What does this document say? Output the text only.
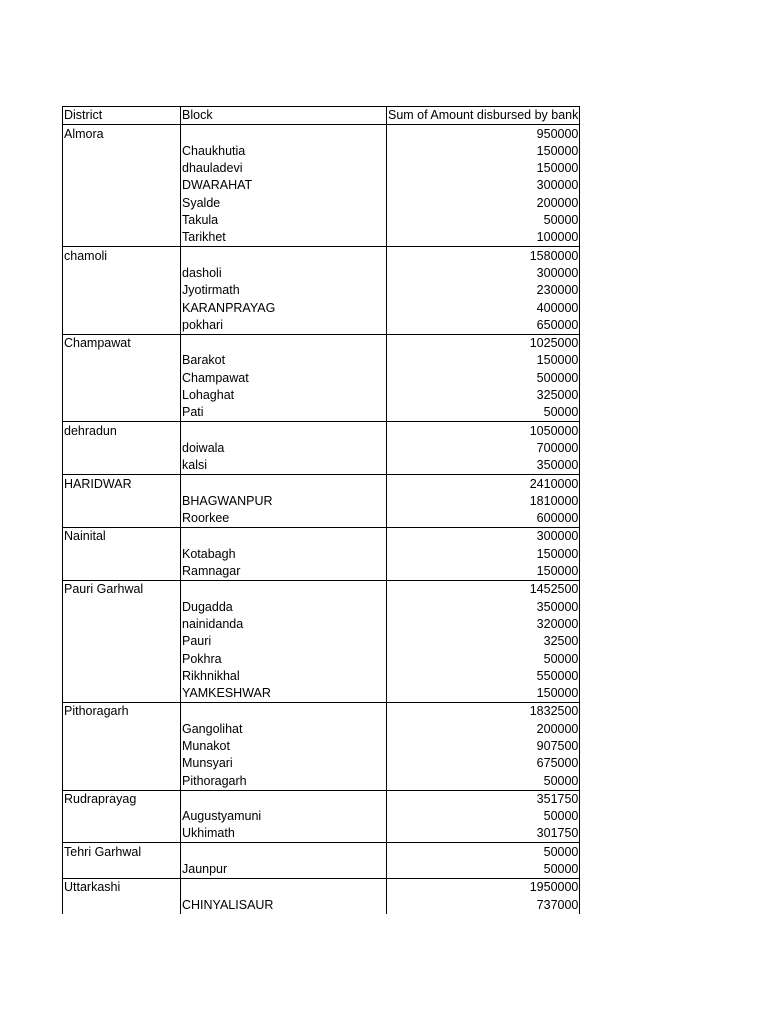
District	Block	Sum of Amount disbursed by bank
Almora		950000
	Chaukhutia	150000
	dhauladevi	150000
	DWARAHAT	300000
	Syalde	200000
	Takula	50000
	Tarikhet	100000
chamoli		1580000
	dasholi	300000
	Jyotirmath	230000
	KARANPRAYAG	400000
	pokhari	650000
Champawat		1025000
	Barakot	150000
	Champawat	500000
	Lohaghat	325000
	Pati	50000
dehradun		1050000
	doiwala	700000
	kalsi	350000
HARIDWAR		2410000
	BHAGWANPUR	1810000
	Roorkee	600000
Nainital		300000
	Kotabagh	150000
	Ramnagar	150000
Pauri Garhwal		1452500
	Dugadda	350000
	nainidanda	320000
	Pauri	32500
	Pokhra	50000
	Rikhnikhal	550000
	YAMKESHWAR	150000
Pithoragarh		1832500
	Gangolihat	200000
	Munakot	907500
	Munsyari	675000
	Pithoragarh	50000
Rudraprayag		351750
	Augustyamuni	50000
	Ukhimath	301750
Tehri Garhwal		50000
	Jaunpur	50000
Uttarkashi		1950000
	CHINYALISAUR	737000
